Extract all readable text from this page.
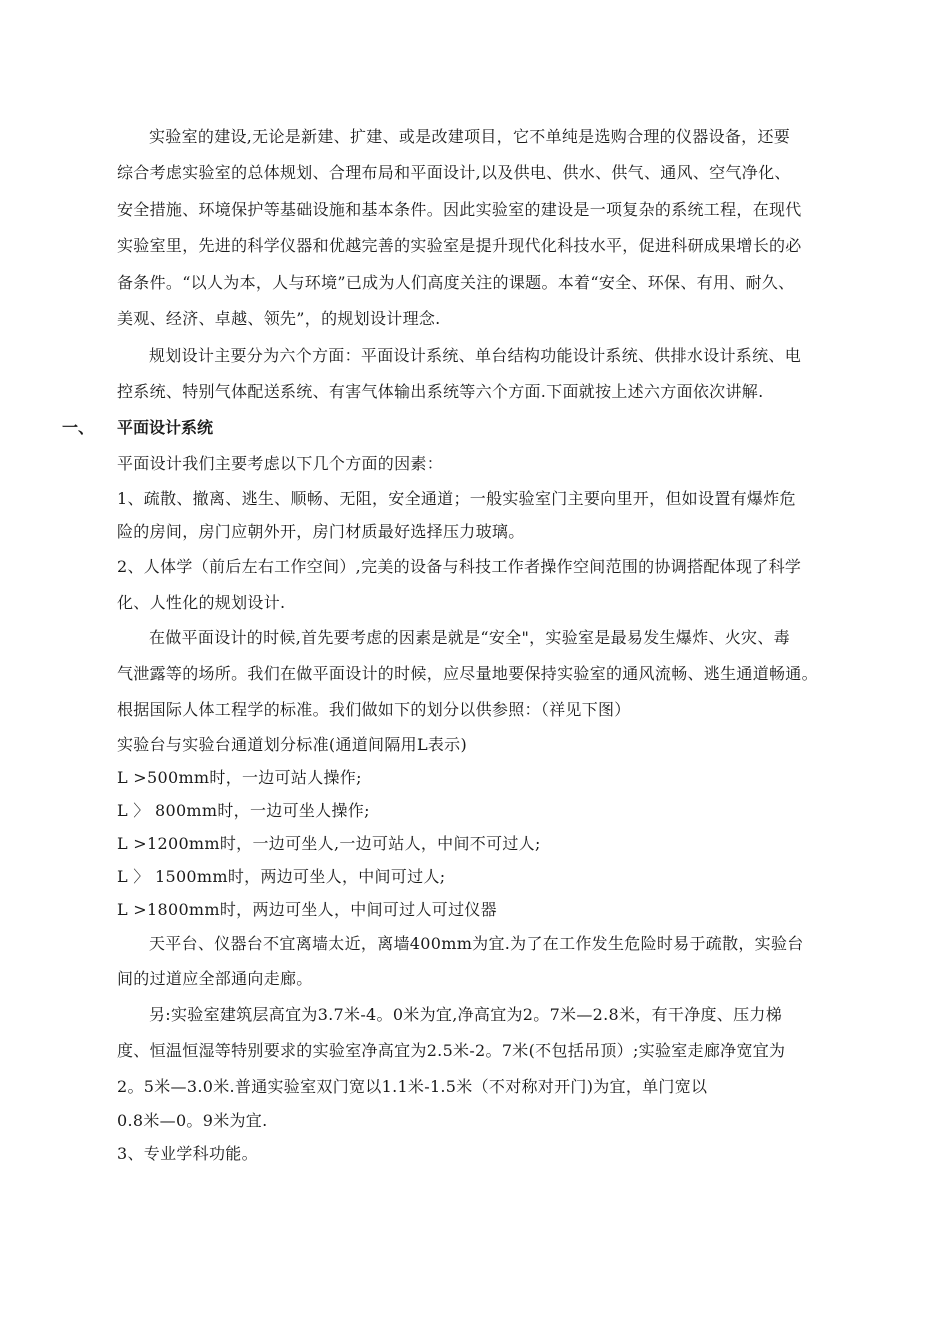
实验室的建设,无论是新建、扩建、或是改建项目，它不单纯是选购合理的仪器设备，还要
综合考虑实验室的总体规划、合理布局和平面设计,以及供电、供水、供气、通风、空气净化、
安全措施、环境保护等基础设施和基本条件。因此实验室的建设是一项复杂的系统工程，在现代
实验室里，先进的科学仪器和优越完善的实验室是提升现代化科技水平，促进科研成果增长的必
备条件。“以人为本，人与环境”已成为人们高度关注的课题。本着“安全、环保、有用、耐久、
美观、经济、卓越、领先”，的规划设计理念.
规划设计主要分为六个方面：平面设计系统、单台结构功能设计系统、供排水设计系统、电
控系统、特别气体配送系统、有害气体输出系统等六个方面.下面就按上述六方面依次讲解.
一、 平面设计系统
平面设计我们主要考虑以下几个方面的因素：
1、疏散、撤离、逃生、顺畅、无阻，安全通道；一般实验室门主要向里开，但如设置有爆炸危
险的房间，房门应朝外开，房门材质最好选择压力玻璃。
2、人体学（前后左右工作空间）,完美的设备与科技工作者操作空间范围的协调搭配体现了科学
化、人性化的规划设计.
在做平面设计的时候,首先要考虑的因素是就是“安全"，实验室是最易发生爆炸、火灾、毒
气泄露等的场所。我们在做平面设计的时候，应尽量地要保持实验室的通风流畅、逃生通道畅通。
根据国际人体工程学的标准。我们做如下的划分以供参照：（祥见下图）
实验台与实验台通道划分标准(通道间隔用L表示)
L >500mm时，一边可站人操作;
L 〉 800mm时，一边可坐人操作;
L >1200mm时，一边可坐人,一边可站人，中间不可过人;
L 〉 1500mm时，两边可坐人，中间可过人;
L >1800mm时，两边可坐人，中间可过人可过仪器
天平台、仪器台不宜离墙太近，离墙400mm为宜.为了在工作发生危险时易于疏散，实验台
间的过道应全部通向走廊。
另:实验室建筑层高宜为3.7米-4。0米为宜,净高宜为2。7米—2.8米，有干净度、压力梯
度、恒温恒湿等特别要求的实验室净高宜为2.5米-2。7米(不包括吊顶）;实验室走廊净宽宜为
2。5米—3.0米.普通实验室双门宽以1.1米-1.5米（不对称对开门)为宜，单门宽以
0.8米—0。9米为宜.
3、专业学科功能。
